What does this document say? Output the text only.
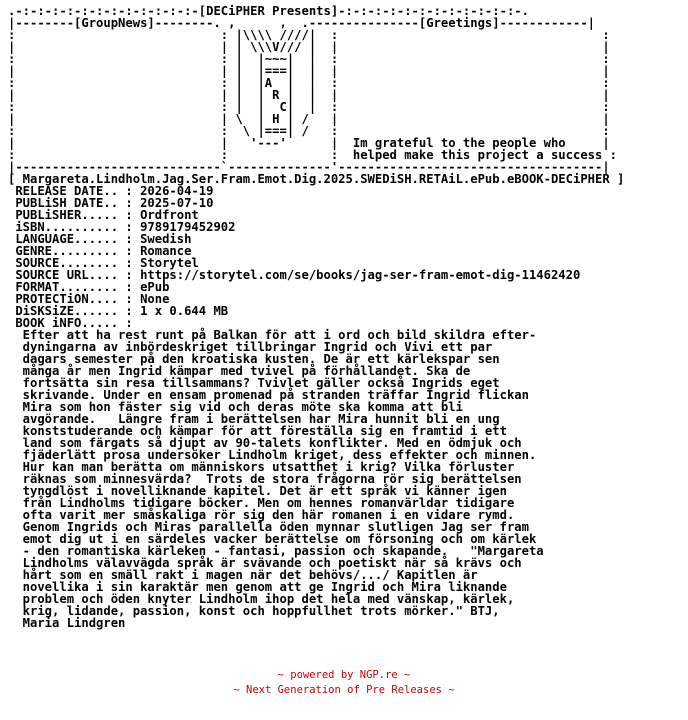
.-:-:-:-:-:-:-:-:-:-:-:-:-[DECiPHER Presents]-:-:-:-:-:-:-:-:-:-:-:-:-.
|--------[GroupNews]--------. ,      ,  .---------------[Greetings]------------|
:                            : |\\\\ ////|  :                                    :
|                            | | \\\V/// |  |                                    |
:                            : |  |~~~|  |  :                                    :
|                            | |  |===|  |  |                                    |
:                            : |  |A  |  |  :                                    :
|                            | |  | R |  |  |                                    |
:                            : |  |  C|  |  :                                    :
|                            | \  | H | /   |                                    |
:                            :  \ |===| /   :                                    :
|                            |   '---'      |  Im grateful to the people who     |
:                            :              :  helped make this project a success :
|----------------------------`--------------'------------------------------------|
[ Margareta.Lindholm.Jag.Ser.Fram.Emot.Dig.2025.SWEDiSH.RETAiL.ePub.eBOOK-DECiPHER ]
RELEASE DATE.. : 2026-04-19
PUBLiSH DATE.. : 2025-07-10
PUBLiSHER..... : Ordfront
iSBN.......... : 9789179452902
LANGUAGE...... : Swedish
GENRE......... : Romance
SOURCE........ : Storytel
SOURCE URL.... : https://storytel.com/se/books/jag-ser-fram-emot-dig-11462420
FORMAT........ : ePub
PROTECTiON.... : None
DiSKSiZE...... : 1 x 0.644 MB
BOOK iNFO..... :
Efter att ha rest runt på Balkan för att i ord och bild skildra efter-
dyningarna av inbördeskriget tillbringar Ingrid och Vivi ett par
dagars semester på den kroatiska kusten. De är ett kärlekspar sen
många år men Ingrid kämpar med tvivel på förhållandet. Ska de
fortsätta sin resa tillsammans? Tvivlet gäller också Ingrids eget
skrivande. Under en ensam promenad på stranden träffar Ingrid flickan
Mira som hon fäster sig vid och deras möte ska komma att bli
avgörande.   Längre fram i berättelsen har Mira hunnit bli en ung
konststuderande och kämpar för att föreställa sig en framtid i ett
land som färgats så djupt av 90-talets konflikter. Med en ödmjuk och
fjäderlätt prosa undersöker Lindholm kriget, dess effekter och minnen.
Hur kan man berätta om människors utsatthet i krig? Vilka förluster
räknas som minnesvärda?  Trots de stora frågorna rör sig berättelsen
tyngdlöst i novelliknande kapitel. Det är ett språk vi känner igen
från Lindholms tidigare böcker. Men om hennes romanvärldar tidigare
ofta varit mer småskaliga rör sig den här romanen i en vidare rymd.
Genom Ingrids och Miras parallella öden mynnar slutligen Jag ser fram
emot dig ut i en särdeles vacker berättelse om försoning och om kärlek
- den romantiska kärleken - fantasi, passion och skapande.   "Margareta
Lindholms välavvägda språk är svävande och poetiskt när så krävs och
hårt som en smäll rakt i magen när det behövs/.../ Kapitlen är
novellika i sin karaktär men genom att ge Ingrid och Mira liknande
problem och öden knyter Lindholm ihop det hela med vänskap, kärlek,
krig, lidande, passion, konst och hoppfullhet trots mörker." BTJ,
Maria Lindgren
~ powered by NGP.re ~
~ Next Generation of Pre Releases ~
